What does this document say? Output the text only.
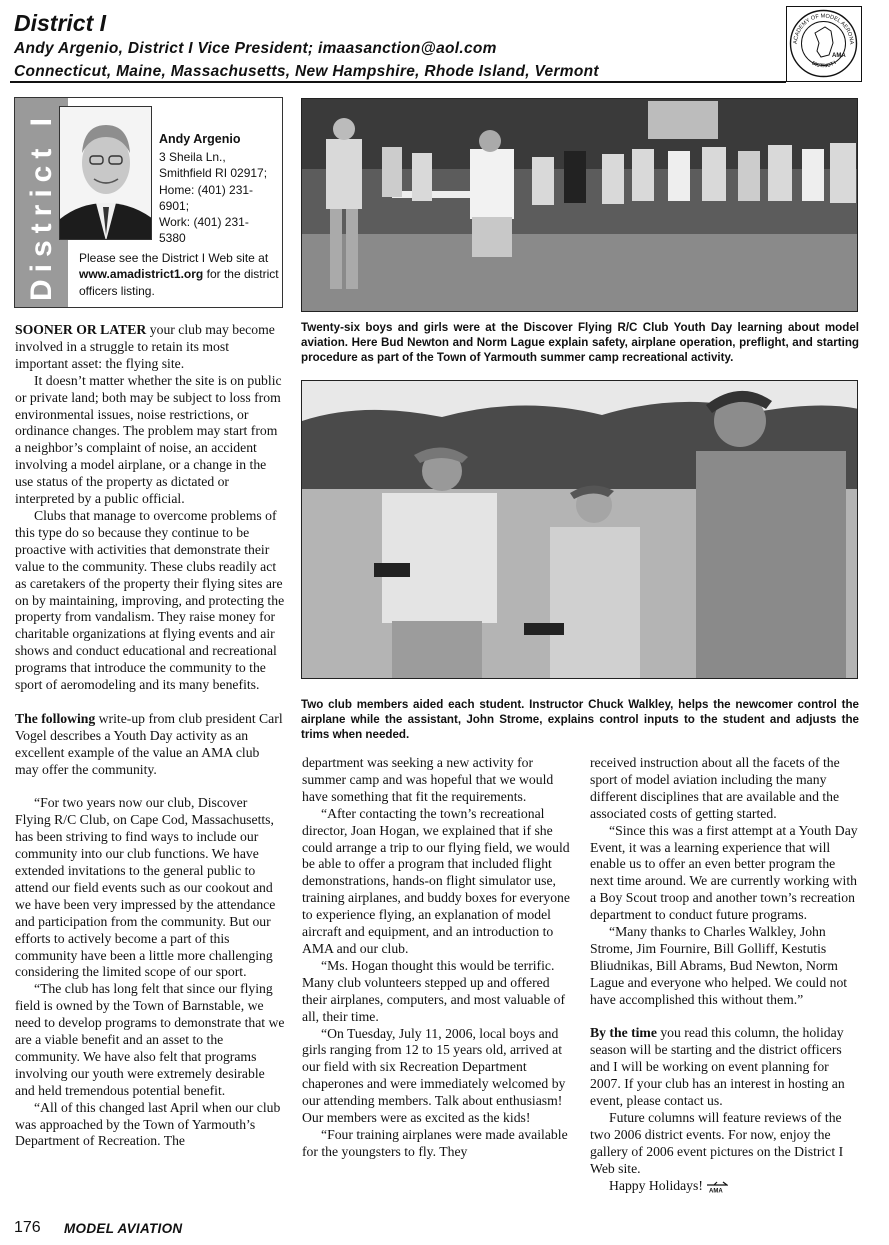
District I
Andy Argenio, District I Vice President; imaasanction@aol.com
Connecticut, Maine, Massachusetts, New Hampshire, Rhode Island, Vermont
ACADEMY OF MODEL AERONA
DISTRICT I
AMA
District I	Andy Argenio
3 Sheila Ln.,
Smithfield RI 02917;
Home: (401) 231-6901;
Work: (401) 231-5380
Please see the District I Web site at www.amadistrict1.org for the district officers listing.
Twenty-six boys and girls were at the Discover Flying R/C Club Youth Day learning about model aviation. Here Bud Newton and Norm Lague explain safety, airplane operation, preflight, and starting procedure as part of the Town of Yarmouth summer camp recreational activity.
Two club members aided each student. Instructor Chuck Walkley, helps the newcomer control the airplane while the assistant, John Strome, explains control inputs to the student and adjusts the trims when needed.

SOONER OR LATER your club may become involved in a struggle to retain its most important asset: the flying site.

It doesn’t matter whether the site is on public or private land; both may be subject to loss from environmental issues, noise restrictions, or ordinance changes. The problem may start from a neighbor’s complaint of noise, an accident involving a model airplane, or a change in the use status of the property as dictated or interpreted by a public official.

Clubs that manage to overcome problems of this type do so because they continue to be proactive with activities that demonstrate their value to the community. These clubs readily act as caretakers of the property their flying sites are on by maintaining, improving, and protecting the property from vandalism. They raise money for charitable organizations at flying events and air shows and conduct educational and recreational programs that introduce the community to the sport of aeromodeling and its many benefits.

The following write-up from club president Carl Vogel describes a Youth Day activity as an excellent example of the value an AMA club may offer the community.

“For two years now our club, Discover Flying R/C Club, on Cape Cod, Massachusetts, has been striving to find ways to include our community into our club functions. We have extended invitations to the general public to attend our field events such as our cookout and we have been very impressed by the attendance and participation from the community. But our efforts to actively become a part of this community have been a little more challenging considering the limited scope of our sport.

“The club has long felt that since our flying field is owned by the Town of Barnstable, we need to develop programs to demonstrate that we are a viable benefit and an asset to the community. We have also felt that programs involving our youth were extremely desirable and held tremendous potential benefit.

“All of this changed last April when our club was approached by the Town of Yarmouth’s Department of Recreation. The

department was seeking a new activity for summer camp and was hopeful that we would have something that fit the requirements.

“After contacting the town’s recreational director, Joan Hogan, we explained that if she could arrange a trip to our flying field, we would be able to offer a program that included flight demonstrations, hands-on flight simulator use, training airplanes, and buddy boxes for everyone to experience flying, an explanation of model aircraft and equipment, and an introduction to AMA and our club.

“Ms. Hogan thought this would be terrific. Many club volunteers stepped up and offered their airplanes, computers, and most valuable of all, their time.

“On Tuesday, July 11, 2006, local boys and girls ranging from 12 to 15 years old, arrived at our field with six Recreation Department chaperones and were immediately welcomed by our attending members. Talk about enthusiasm! Our members were as excited as the kids!

“Four training airplanes were made available for the youngsters to fly. They

received instruction about all the facets of the sport of model aviation including the many different disciplines that are available and the associated costs of getting started.

“Since this was a first attempt at a Youth Day Event, it was a learning experience that will enable us to offer an even better program the next time around. We are currently working with a Boy Scout troop and another town’s recreation department to conduct future programs.

“Many thanks to Charles Walkley, John Strome, Jim Fournire, Bill Golliff, Kestutis Bliudnikas, Bill Abrams, Bud Newton, Norm Lague and everyone who helped. We could not have accomplished this without them.”

By the time you read this column, the holiday season will be starting and the district officers and I will be working on event planning for 2007. If your club has an interest in hosting an event, please contact us.

Future columns will feature reviews of the two 2006 district events. For now, enjoy the gallery of 2006 event pictures on the District I Web site.

Happy Holidays! AMA

176 MODEL AVIATION
